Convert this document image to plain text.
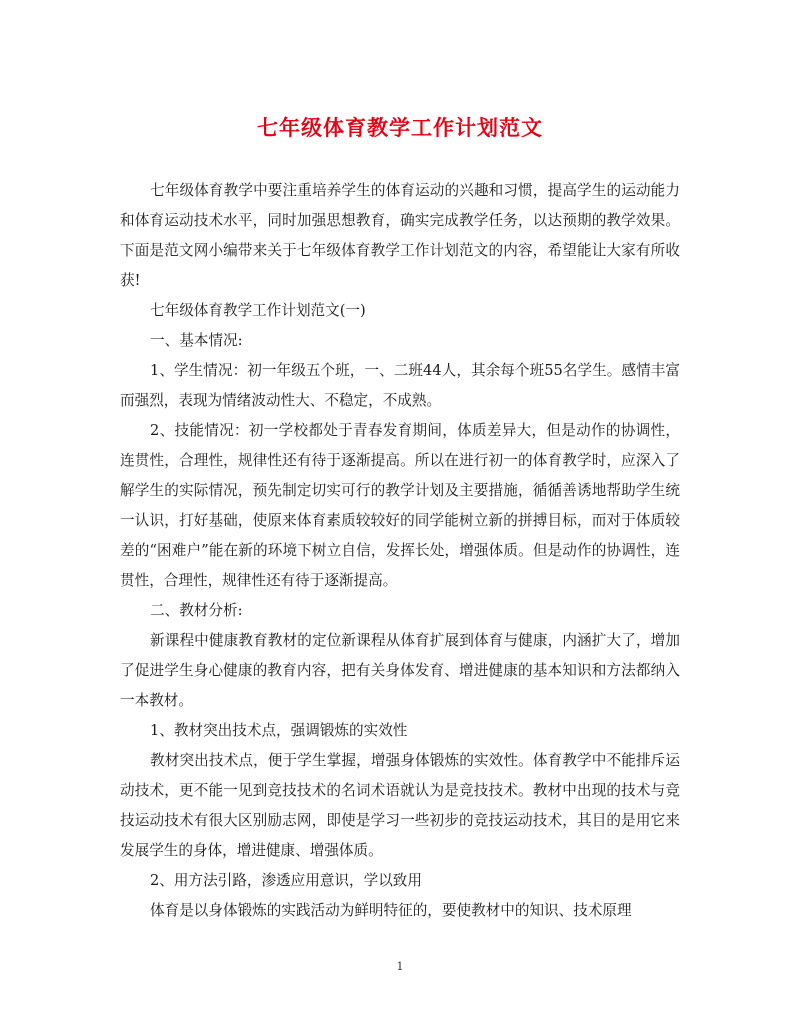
七年级体育教学工作计划范文

七年级体育教学中要注重培养学生的体育运动的兴趣和习惯，提高学生的运动能力和体育运动技术水平，同时加强思想教育，确实完成教学任务，以达预期的教学效果。下面是范文网小编带来关于七年级体育教学工作计划范文的内容，希望能让大家有所收获!

七年级体育教学工作计划范文(一)

一、基本情况:

1、学生情况：初一年级五个班，一、二班44人，其余每个班55名学生。感情丰富而强烈，表现为情绪波动性大、不稳定，不成熟。

2、技能情况：初一学校都处于青春发育期间，体质差异大，但是动作的协调性，连贯性，合理性，规律性还有待于逐渐提高。所以在进行初一的体育教学时，应深入了解学生的实际情况，预先制定切实可行的教学计划及主要措施，循循善诱地帮助学生统一认识，打好基础，使原来体育素质较较好的同学能树立新的拼搏目标，而对于体质较差的“困难户”能在新的环境下树立自信，发挥长处，增强体质。但是动作的协调性，连贯性，合理性，规律性还有待于逐渐提高。

二、教材分析:

新课程中健康教育教材的定位新课程从体育扩展到体育与健康，内涵扩大了，增加了促进学生身心健康的教育内容，把有关身体发育、增进健康的基本知识和方法都纳入一本教材。

1、教材突出技术点，强调锻炼的实效性

教材突出技术点，便于学生掌握，增强身体锻炼的实效性。体育教学中不能排斥运动技术，更不能一见到竞技技术的名词术语就认为是竞技技术。教材中出现的技术与竞技运动技术有很大区别励志网，即使是学习一些初步的竞技运动技术，其目的是用它来发展学生的身体，增进健康、增强体质。

2、用方法引路，渗透应用意识，学以致用

体育是以身体锻炼的实践活动为鲜明特征的，要使教材中的知识、技术原理

1
